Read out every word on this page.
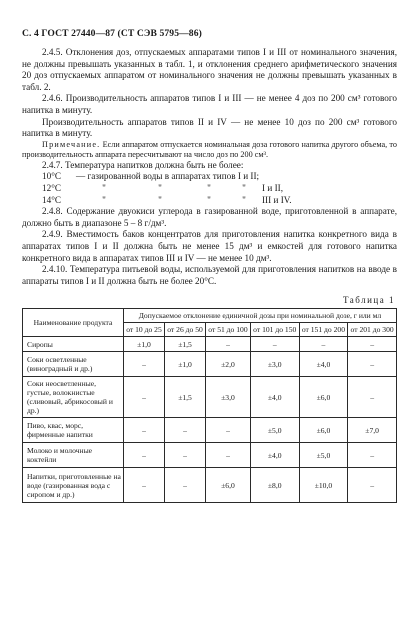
С. 4 ГОСТ 27440—87 (СТ СЭВ 5795—86)

2.4.5. Отклонения доз, отпускаемых аппаратами типов I и III от номинального значения, не должны превышать указанных в табл. 1, и отклонения среднего арифметического значения 20 доз отпускаемых аппаратом от номинального значения не должны превышать указанных в табл. 2.

2.4.6. Производительность аппаратов типов I и III — не менее 4 доз по 200 см³ готового напитка в минуту.

Производительность аппаратов типов II и IV — не менее 10 доз по 200 см³ готового напитка в минуту.

Примечание. Если аппаратом отпускается номинальная доза готового напитка другого объема, то производительность аппарата пересчитывают на число доз по 200 см³.

2.4.7. Температура напитков должна быть не более:

10°С	— газированной воды в аппаратах типов I и II;
12°С	"	"	"	"	I и II,
14°С	"	"	"	"	III и IV.

2.4.8. Содержание двуокиси углерода в газированной воде, приготовленной в аппарате, должно быть в диапазоне 5 – 8 г/дм³.

2.4.9. Вместимость баков концентратов для приготовления напитка конкретного вида в аппаратах типов I и II должна быть не менее 15 дм³ и емкостей для готового напитка конкретного вида в аппаратах типов III и IV — не менее 10 дм³.

2.4.10. Температура питьевой воды, используемой для приготовления напитков на вводе в аппараты типов I и II должна быть не более 20°С.

Таблица 1
Наименование продукта	Допускаемое отклонение единичной дозы при номинальной дозе, г или мл					
	от 10 до 25	от 26 до 50	от 51 до 100	от 101 до 150	от 151 до 200	от 201 до 300
Сиропы	±1,0	±1,5	–	–	–	–
Соки осветленные (виноградный и др.)	–	±1,0	±2,0	±3,0	±4,0	–
Соки неосветленные, густые, волокнистые (сливовый, абрикосовый и др.)	–	±1,5	±3,0	±4,0	±6,0	–
Пиво, квас, морс, фирменные напитки	–	–	–	±5,0	±6,0	±7,0
Молоко и молочные коктейли	–	–	–	±4,0	±5,0	–
Напитки, приготовленные на воде (газированная вода с сиропом и др.)	–	–	±6,0	±8,0	±10,0	–
